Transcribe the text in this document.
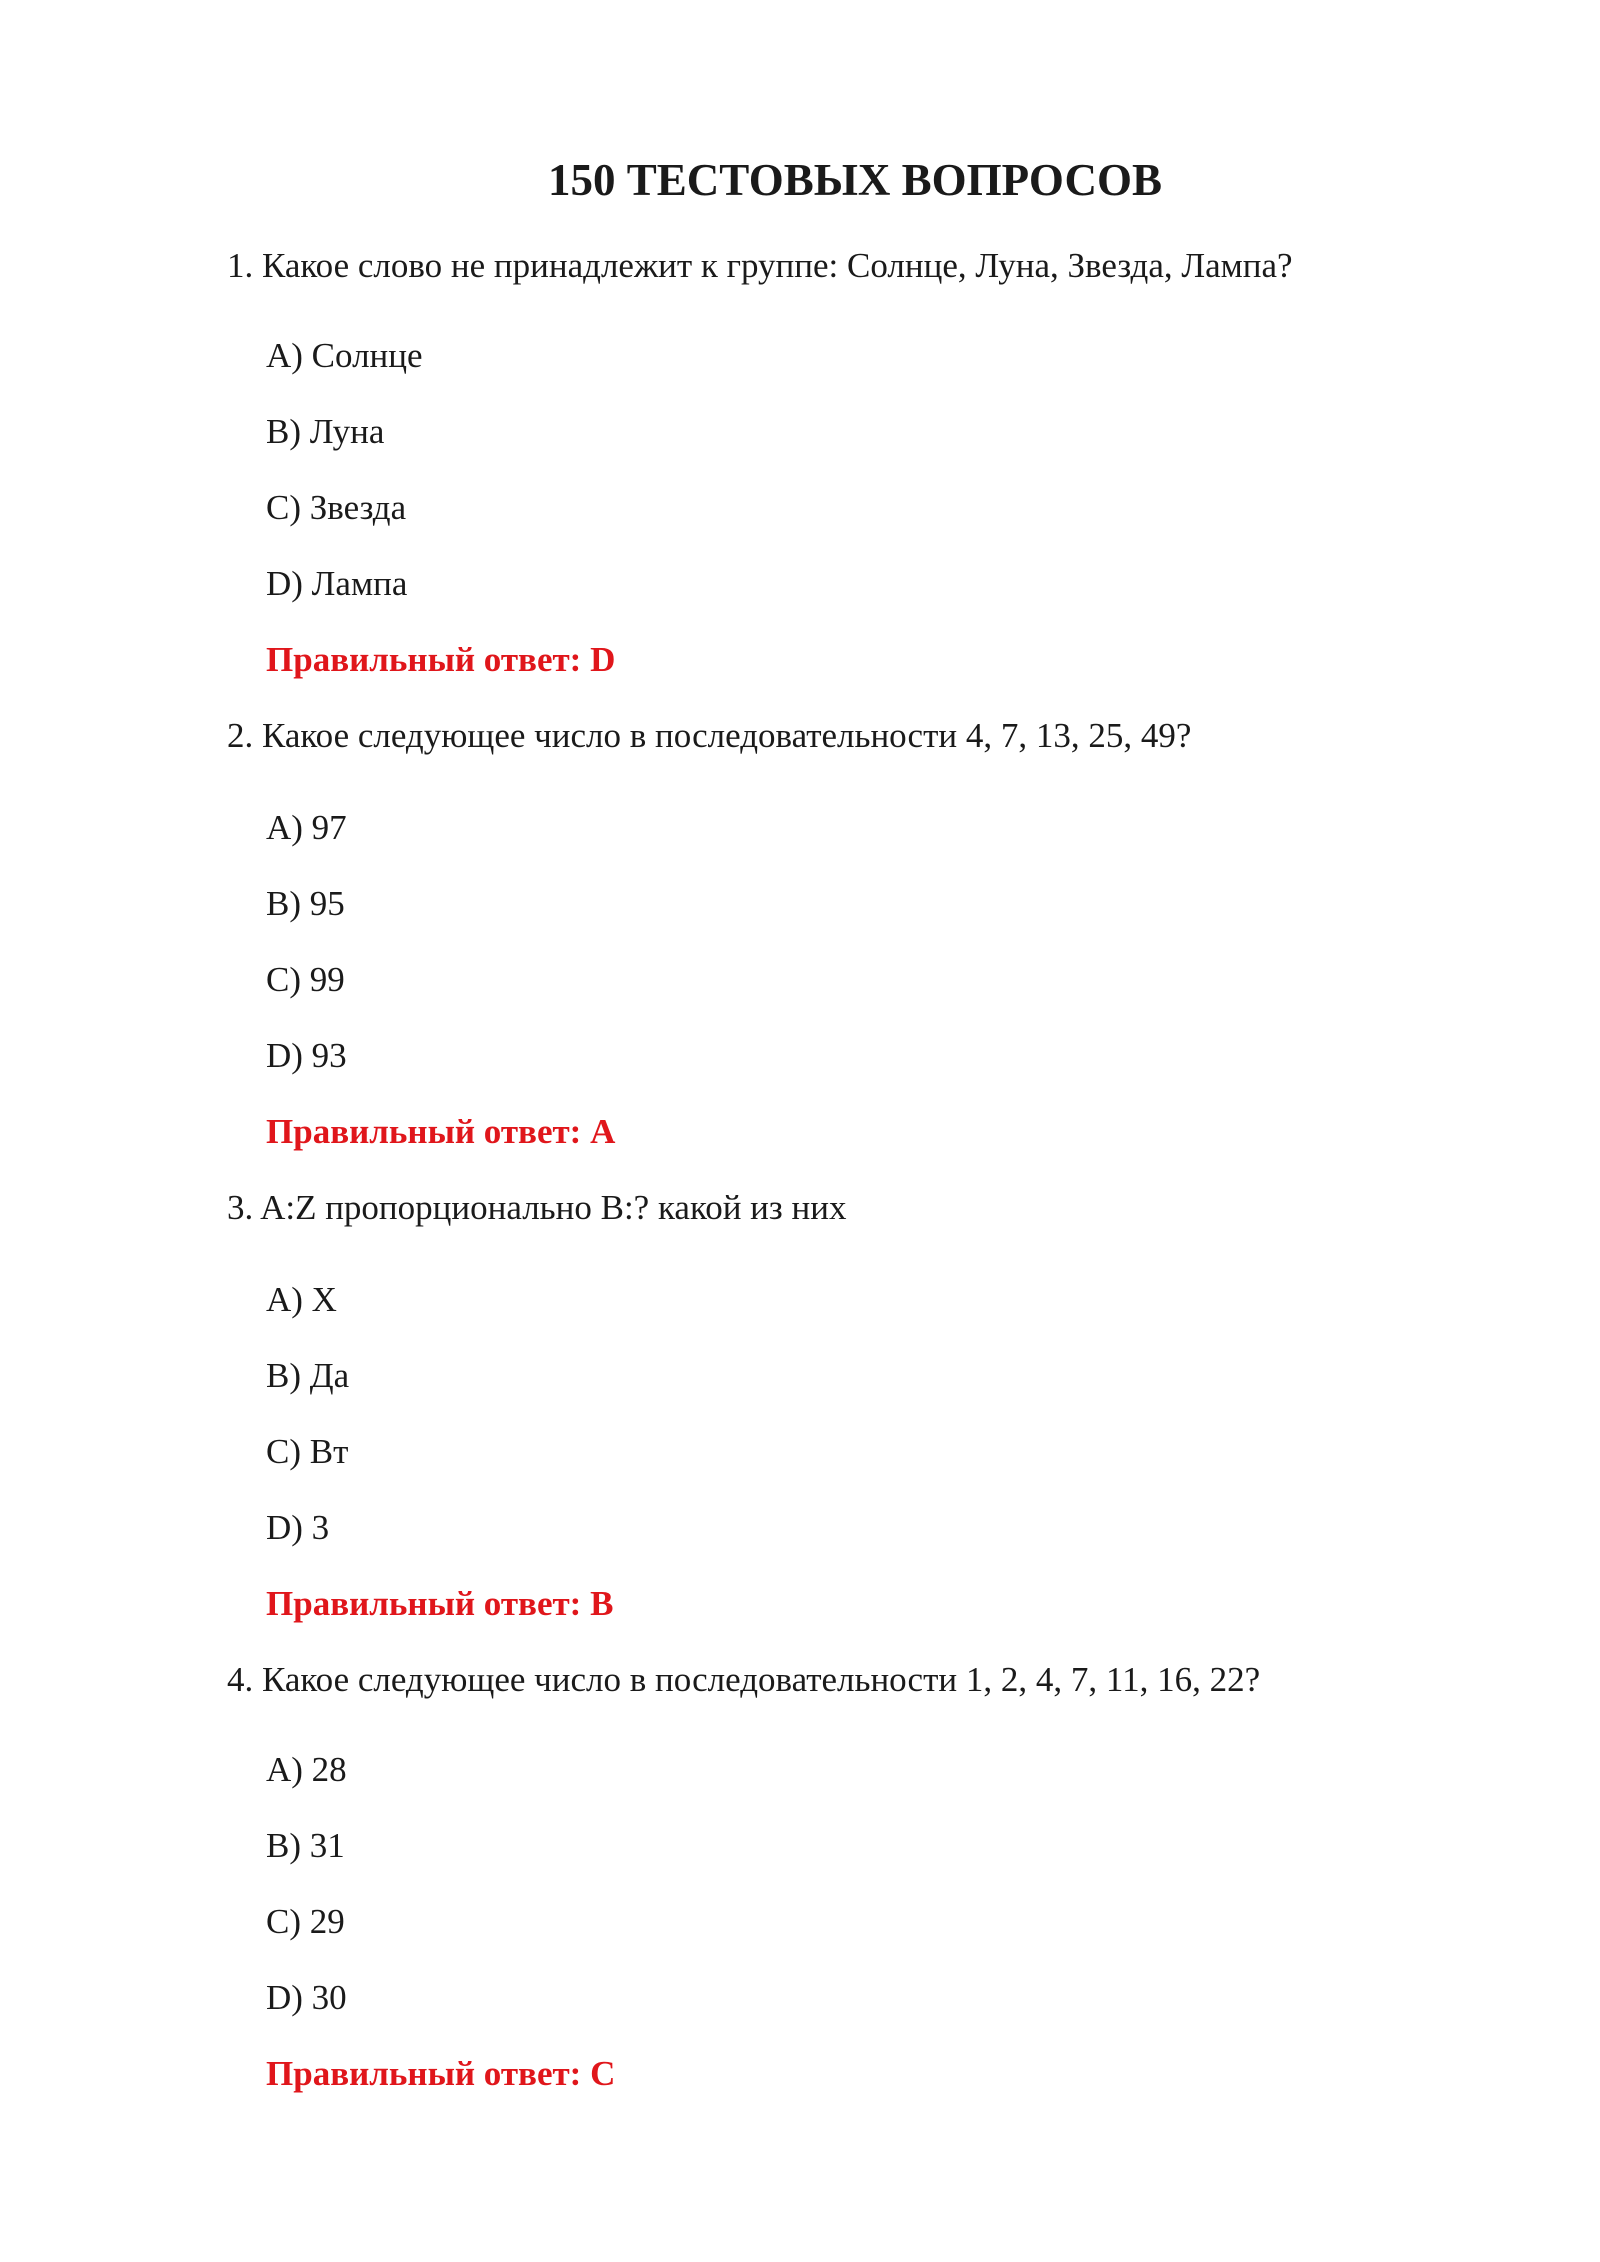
150 ТЕСТОВЫХ ВОПРОСОВ
1. Какое слово не принадлежит к группе: Солнце, Луна, Звезда, Лампа?
A) Солнце
B) Луна
C) Звезда
D) Лампа
Правильный ответ: D
2. Какое следующее число в последовательности 4, 7, 13, 25, 49?
A) 97
B) 95
C) 99
D) 93
Правильный ответ: A
3. A:Z пропорционально B:? какой из них
A) X
B) Да
C) Вт
D) 3
Правильный ответ: B
4. Какое следующее число в последовательности 1, 2, 4, 7, 11, 16, 22?
A) 28
B) 31
C) 29
D) 30
Правильный ответ: C
